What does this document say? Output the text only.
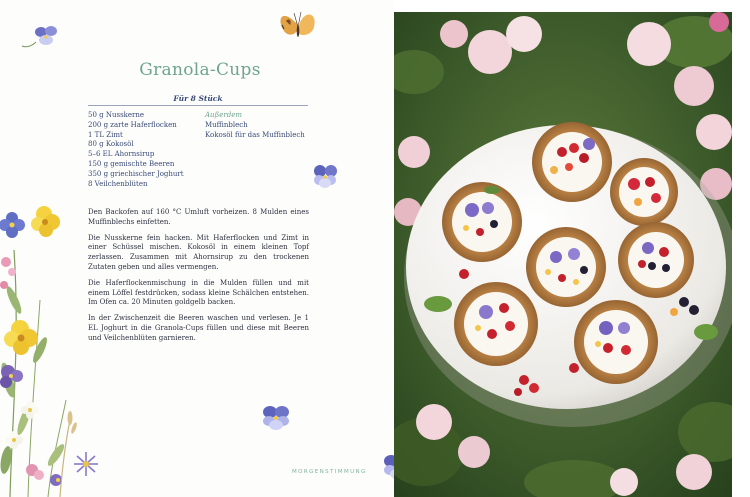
Granola-Cups
Für 8 Stück
50 g Nusskerne
200 g zarte Haferflocken
1 TL Zimt
80 g Kokosöl
5–6 EL Ahornsirup
150 g gemischte Beeren
350 g griechischer Joghurt
8 Veilchenblüten
Außerdem
Muffinblech
Kokosöl für das Muffinblech

Den Backofen auf 160 °C Umluft vorheizen. 8 Mulden eines Muffinblechs einfetten.

Die Nusskerne fein hacken. Mit Haferflocken und Zimt in einer Schüssel mischen. Kokosöl in einem kleinen Topf zerlassen. Zusammen mit Ahornsirup zu den trockenen Zutaten geben und alles vermengen.

Die Haferflockenmischung in die Mulden füllen und mit einem Löffel festdrücken, sodass kleine Schälchen entstehen. Im Ofen ca. 20 Minuten goldgelb backen.

In der Zwischenzeit die Beeren waschen und verlesen. Je 1 EL Joghurt in die Granola-Cups füllen und diese mit Beeren und Veilchenblüten garnieren.

MORGENSTIMMUNG
